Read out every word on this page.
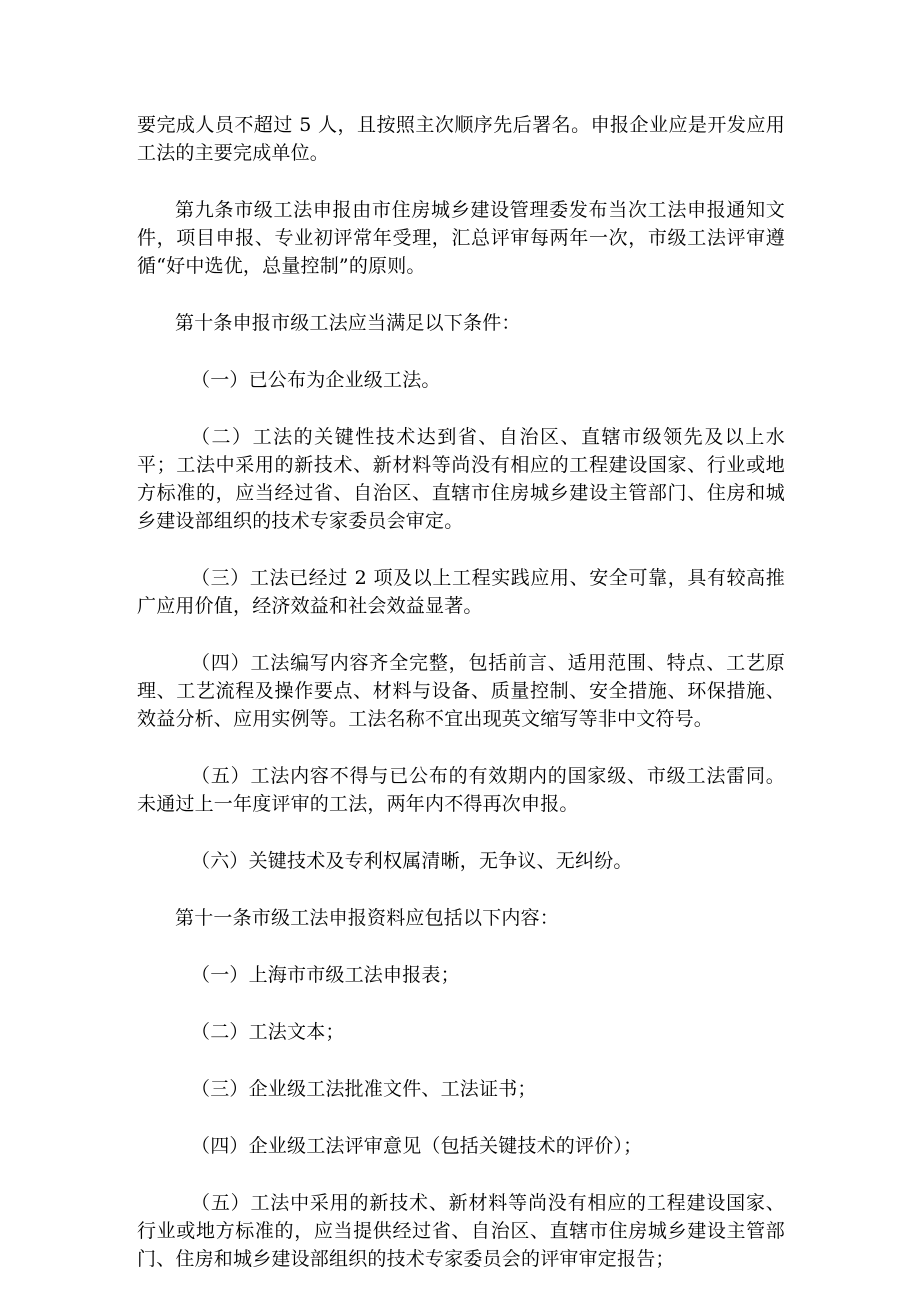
要完成人员不超过 5 人，且按照主次顺序先后署名。申报企业应是开发应用工法的主要完成单位。

第九条市级工法申报由市住房城乡建设管理委发布当次工法申报通知文件，项目申报、专业初评常年受理，汇总评审每两年一次，市级工法评审遵循“好中选优，总量控制”的原则。

第十条申报市级工法应当满足以下条件：

（一）已公布为企业级工法。

（二）工法的关键性技术达到省、自治区、直辖市级领先及以上水平；工法中采用的新技术、新材料等尚没有相应的工程建设国家、行业或地方标准的，应当经过省、自治区、直辖市住房城乡建设主管部门、住房和城乡建设部组织的技术专家委员会审定。

（三）工法已经过 2 项及以上工程实践应用、安全可靠，具有较高推广应用价值，经济效益和社会效益显著。

（四）工法编写内容齐全完整，包括前言、适用范围、特点、工艺原理、工艺流程及操作要点、材料与设备、质量控制、安全措施、环保措施、效益分析、应用实例等。工法名称不宜出现英文缩写等非中文符号。

（五）工法内容不得与已公布的有效期内的国家级、市级工法雷同。未通过上一年度评审的工法，两年内不得再次申报。

（六）关键技术及专利权属清晰，无争议、无纠纷。

第十一条市级工法申报资料应包括以下内容：

（一）上海市市级工法申报表；

（二）工法文本；

（三）企业级工法批准文件、工法证书；

（四）企业级工法评审意见（包括关键技术的评价）；

（五）工法中采用的新技术、新材料等尚没有相应的工程建设国家、行业或地方标准的，应当提供经过省、自治区、直辖市住房城乡建设主管部门、住房和城乡建设部组织的技术专家委员会的评审审定报告；
